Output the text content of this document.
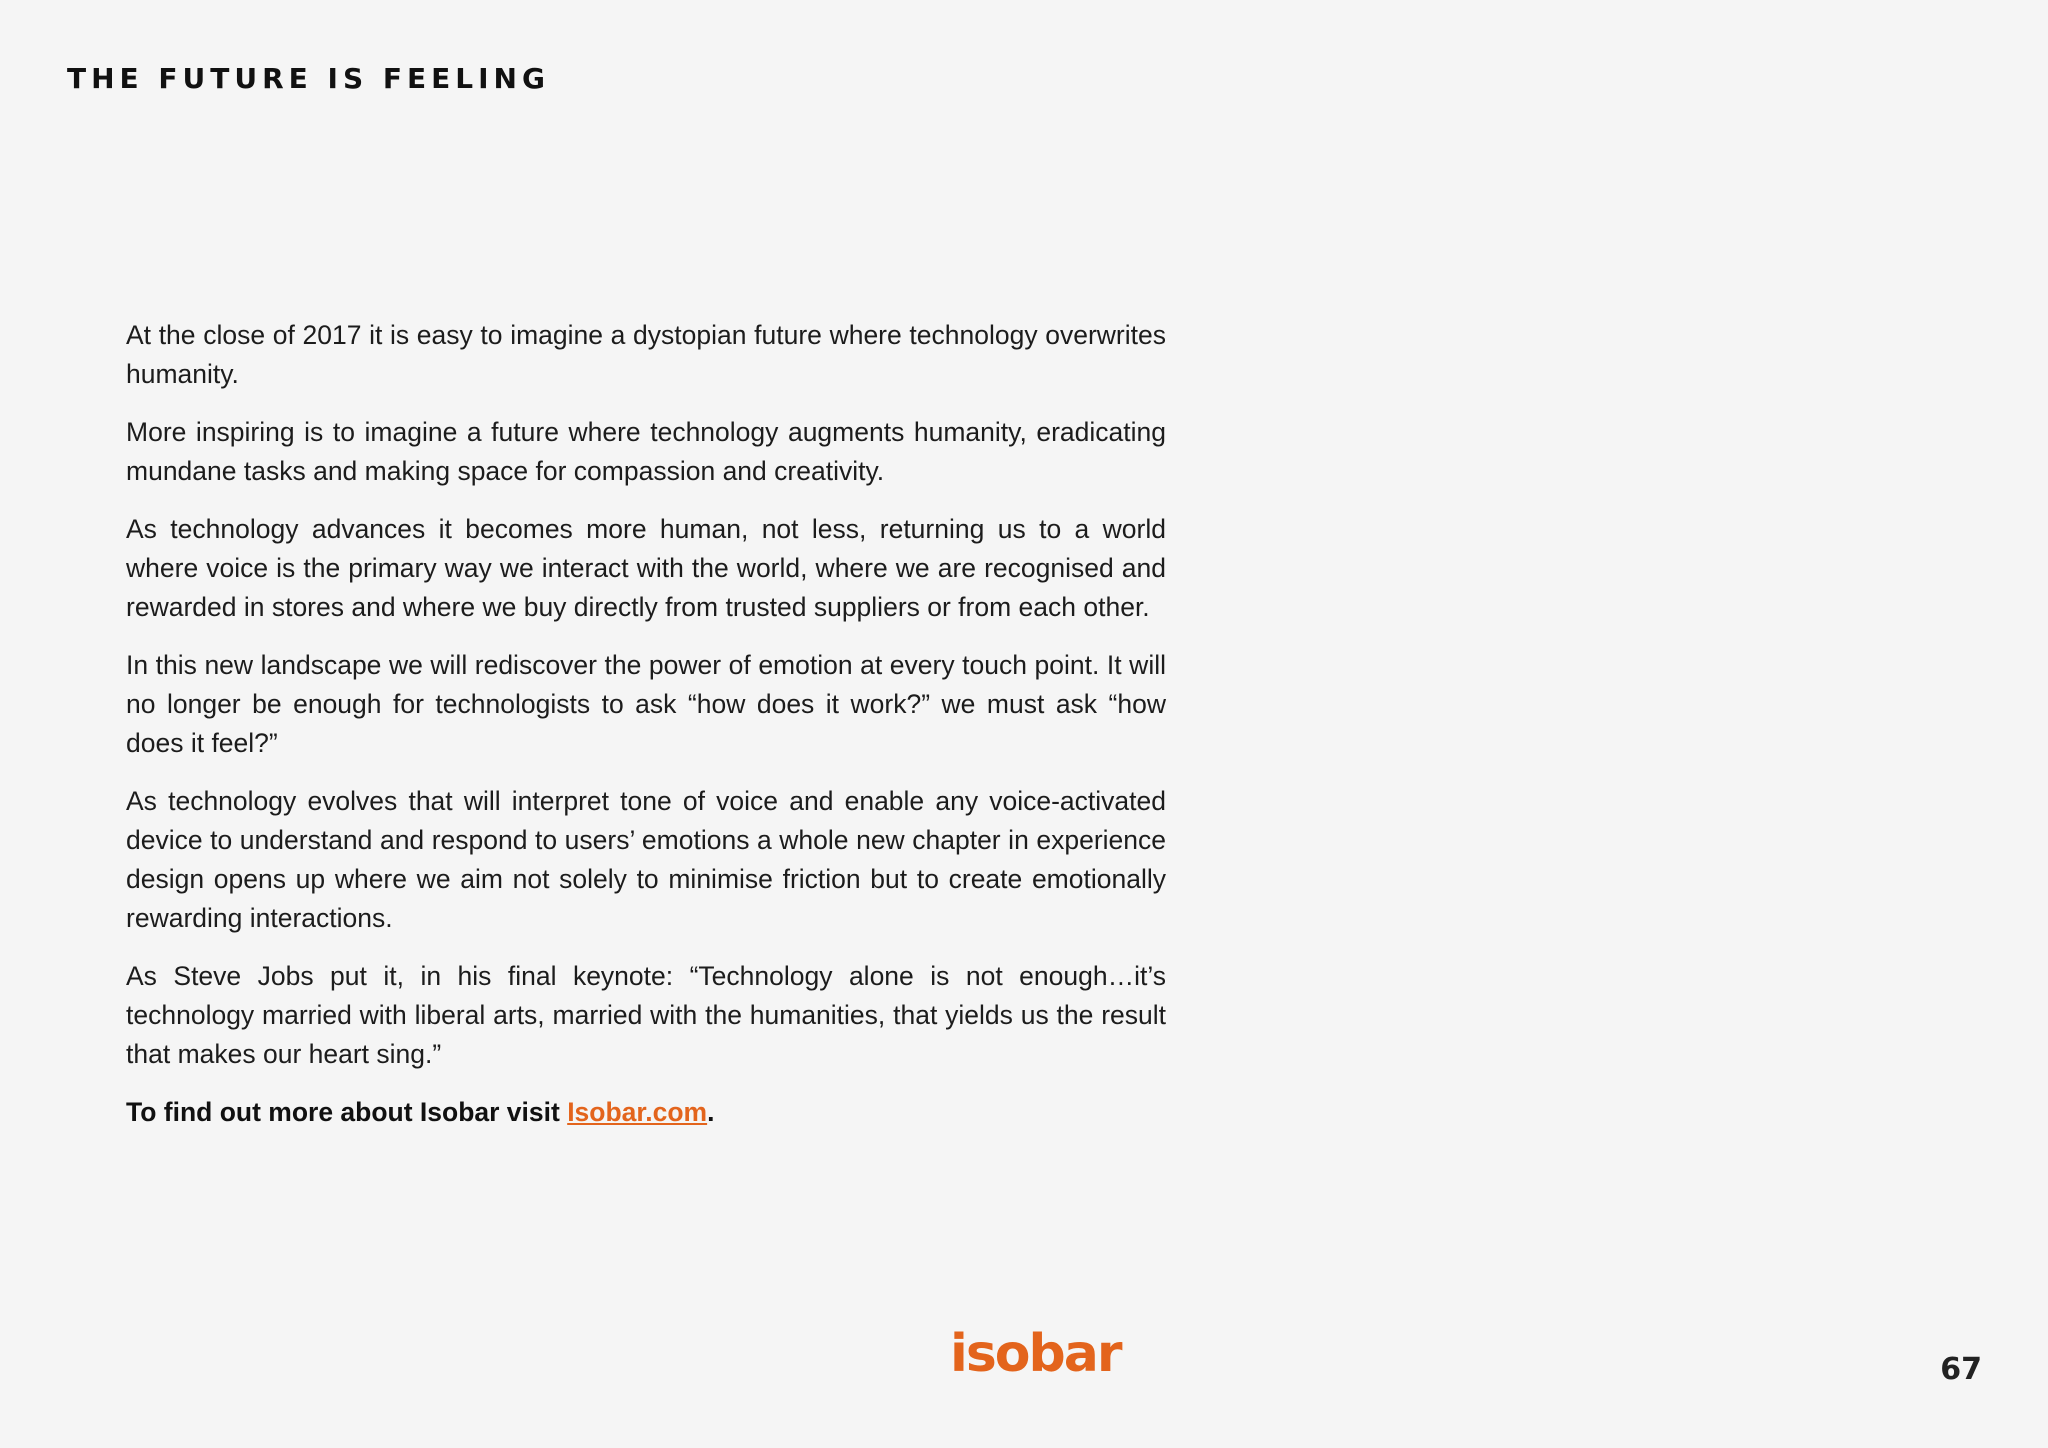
THE FUTURE IS FEELING

At the close of 2017 it is easy to imagine a dystopian future where technology overwrites humanity.

More inspiring is to imagine a future where technology augments humanity, eradicating mundane tasks and making space for compassion and creativity.

As technology advances it becomes more human, not less, returning us to a world where voice is the primary way we interact with the world, where we are recognised and rewarded in stores and where we buy directly from trusted suppliers or from each other.

In this new landscape we will rediscover the power of emotion at every touch point. It will no longer be enough for technologists to ask “how does it work?” we must ask “how does it feel?”

As technology evolves that will interpret tone of voice and enable any voice-activated device to understand and respond to users’ emotions a whole new chapter in experience design opens up where we aim not solely to minimise friction but to create emotionally rewarding interactions.

As Steve Jobs put it, in his final keynote: “Technology alone is not enough…it’s technology married with liberal arts, married with the humanities, that yields us the result that makes our heart sing.”

To find out more about Isobar visit Isobar.com.

isobar	67
